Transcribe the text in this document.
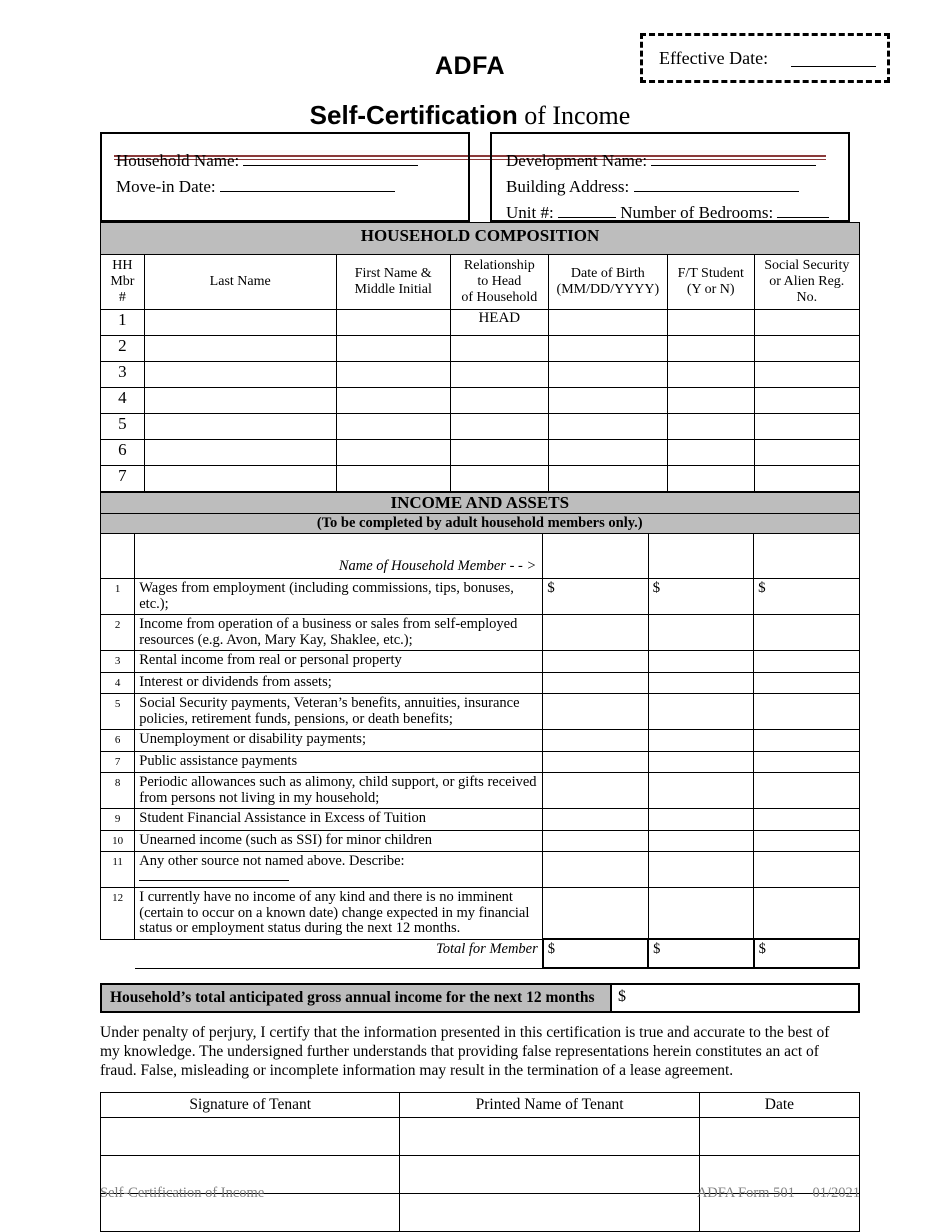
ADFA	Effective Date:
Self-Certification of Income
Household Name:
Move-in Date:
Development Name:
Building Address:
Unit #:	Number of Bedrooms:
HOUSEHOLD COMPOSITION						

HH
Mbr
#
	Last Name	
First Name &
Middle Initial

Relationship
to Head
of Household

Date of Birth
(MM/DD/YYYY)

F/T Student
(Y or N)

Social Security
or Alien Reg.
No.

1			HEAD			
2						
3						
4						
5						
6						
7						
INCOME AND ASSETS				
(To be completed by adult household members only.)				
	Name of Household Member - - >			
1	Wages from employment (including commissions, tips, bonuses, etc.);	$	$	$
2	Income from operation of a business or sales from self-employed resources (e.g. Avon, Mary Kay, Shaklee, etc.);			
3	Rental income from real or personal property			
4	Interest or dividends from assets;			
5	Social Security payments, Veteran’s benefits, annuities, insurance policies, retirement funds, pensions, or death benefits;			
6	Unemployment or disability payments;			
7	Public assistance payments			
8	Periodic allowances such as alimony, child support, or gifts received from persons not living in my household;			
9	Student Financial Assistance in Excess of Tuition			
10	Unearned income (such as SSI) for minor children			
11	Any other source not named above. Describe:			
12	I currently have no income of any kind and there is no imminent (certain to occur on a known date) change expected in my financial status or employment status during the next 12 months.			
	Total for Member	$	$	$
Household’s total anticipated gross annual income for the next 12 months	$
Under penalty of perjury, I certify that the information presented in this certification is true and accurate to the best of my knowledge. The undersigned further understands that providing false representations herein constitutes an act of fraud. False, misleading or incomplete information may result in the termination of a lease agreement.
Signature of Tenant	Printed Name of Tenant	Date

Self-Certification of Income	ADFA Form 501 01/2021
